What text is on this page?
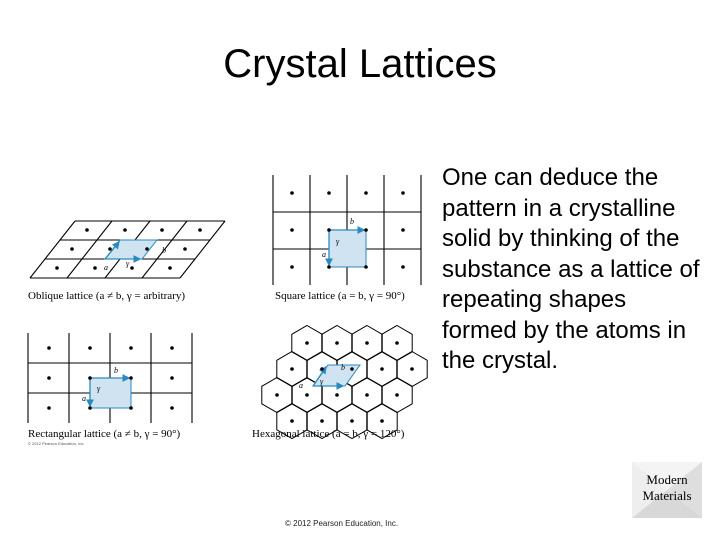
Crystal Lattices
a
b
γ
a
b
γ
a
b
γ	a
b
γ
Oblique lattice (a ≠ b, γ = arbitrary)	Square lattice (a = b, γ = 90°)
Rectangular lattice (a ≠ b, γ = 90°)
© 2012 Pearson Education, Inc.
Hexagonal lattice (a = b, γ = 120°)
One can deduce the pattern in a crystalline solid by thinking of the substance as a lattice of repeating shapes formed by the atoms in the crystal.
Modern Materials
© 2012 Pearson Education, Inc.
